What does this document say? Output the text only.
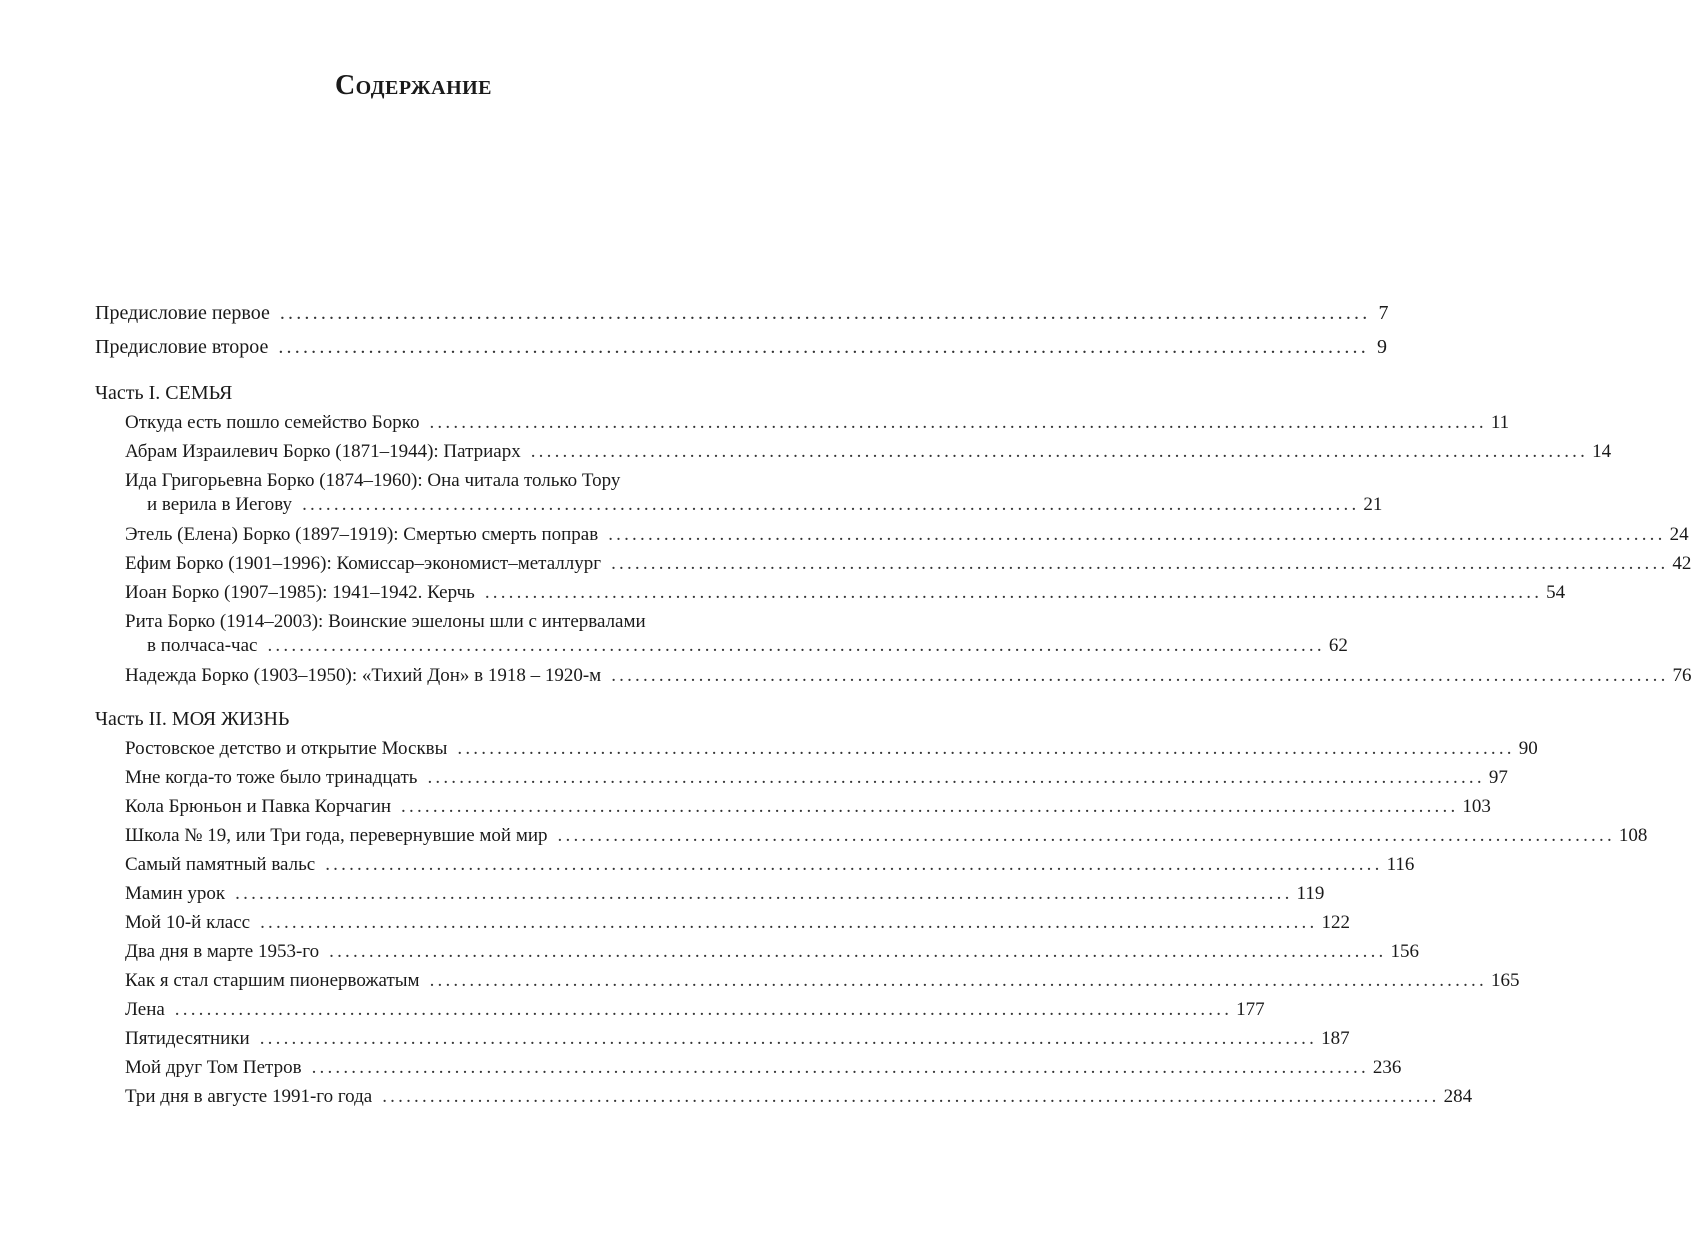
Содержание
Предисловие первое ..................................................................................................................................... 7
Предисловие второе ..................................................................................................................................... 9
Часть I. СЕМЬЯ
Откуда есть пошло семейство Борко ..................................................................................................................................... 11
Абрам Израилевич Борко (1871–1944): Патриарх ..................................................................................................................................... 14
Ида Григорьевна Борко (1874–1960): Она читала только Тору
и верила в Иегову ..................................................................................................................................... 21
Этель (Елена) Борко (1897–1919): Смертью смерть поправ ..................................................................................................................................... 24
Ефим Борко (1901–1996): Комиссар–экономист–металлург ..................................................................................................................................... 42
Иоан Борко (1907–1985): 1941–1942. Керчь ..................................................................................................................................... 54
Рита Борко (1914–2003): Воинские эшелоны шли с интервалами
в полчаса-час ..................................................................................................................................... 62
Надежда Борко (1903–1950): «Тихий Дон» в 1918 – 1920-м ..................................................................................................................................... 76
Часть II. МОЯ ЖИЗНЬ
Ростовское детство и открытие Москвы ..................................................................................................................................... 90
Мне когда-то тоже было тринадцать ..................................................................................................................................... 97
Кола Брюньон и Павка Корчагин ..................................................................................................................................... 103
Школа № 19, или Три года, перевернувшие мой мир ..................................................................................................................................... 108
Самый памятный вальс ..................................................................................................................................... 116
Мамин урок ..................................................................................................................................... 119
Мой 10-й класс ..................................................................................................................................... 122
Два дня в марте 1953-го ..................................................................................................................................... 156
Как я стал старшим пионервожатым ..................................................................................................................................... 165
Лена ..................................................................................................................................... 177
Пятидесятники ..................................................................................................................................... 187
Мой друг Том Петров ..................................................................................................................................... 236
Три дня в августе 1991-го года ..................................................................................................................................... 284
